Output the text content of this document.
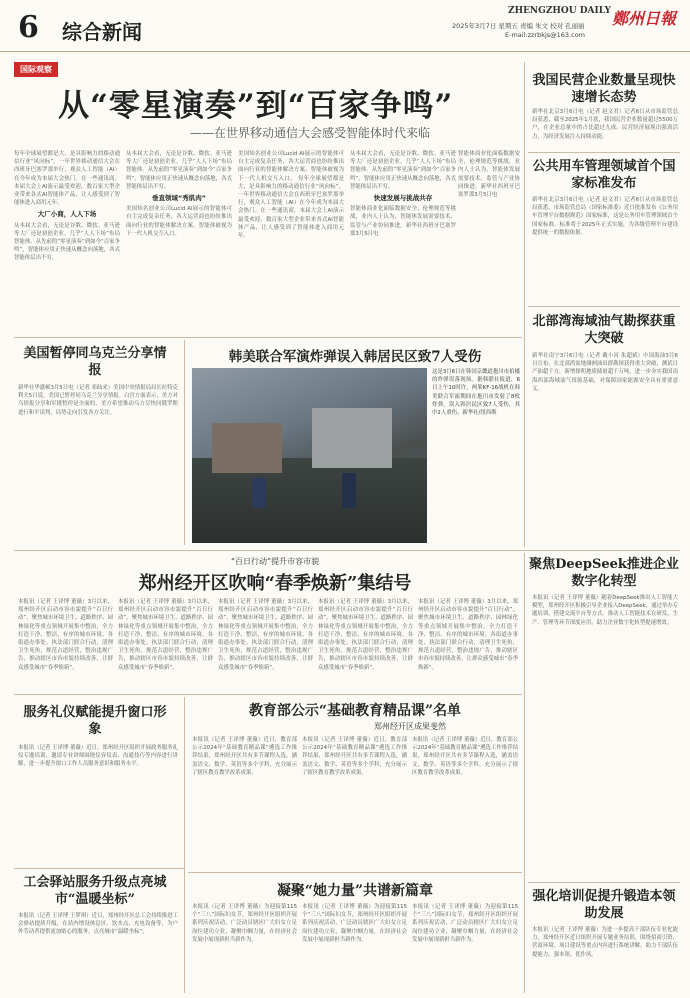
6 综合新闻
ZHENGZHOU DAILY 鄭州日報
2025年3月7日 星期五 责编 朱文 校对 孔丽丽
E-mail:zzrbkjs@163.com
国际观察
从“零星演奏”到“百家争鸣”
——在世界移动通信大会感受智能体时代来临
每年全球展望都是大，是具影响力的移动通信行业“风向标”。一年世界移动通信大会在西班牙巴塞罗那举行，观众人工智能（AI）在今年成为本届大会热门。在一些通讯商，本届大会上AI演示最受欢迎，数百家大型企业带来各式AI智能体产品，让人感受到了智能体进入商用元年。
大厂小商，人人下场
从本届大会看，无论是谷歌、微软、亚马逊等大厂还是初创企业，几乎“人人下场”布局智能体。从先前的“零星演奏”到如今“百家争鸣”，智能体应用正快速从概念向落地，各式智能体层出不穷。
从本届大会看，无论是谷歌、微软、亚马逊等大厂还是初创企业，几乎“人人下场”布局智能体。从先前的“零星演奏”到如今“百家争鸣”，智能体应用正快速从概念向落地，各式智能体层出不穷。
垂直领域“秀肌肉”
美国知名创业公司Lucid AI展示的智能体可自主完成复杂任务，各大运营商也纷纷推出面向行业的智能体解决方案，智能体被视为下一代人机交互入口。
美国知名创业公司Lucid AI展示的智能体可自主完成复杂任务，各大运营商也纷纷推出面向行业的智能体解决方案，智能体被视为下一代人机交互入口。 每年全球展望都是大，是具影响力的移动通信行业“风向标”。一年世界移动通信大会在西班牙巴塞罗那举行，观众人工智能（AI）在今年成为本届大会热门。在一些通讯商，本届大会上AI演示最受欢迎，数百家大型企业带来各式AI智能体产品，让人感受到了智能体进入商用元年。
从本届大会看，无论是谷歌、微软、亚马逊等大厂还是初创企业，几乎“人人下场”布局智能体。从先前的“零星演奏”到如今“百家争鸣”，智能体应用正快速从概念向落地，各式智能体层出不穷。
快速发展与挑战共存
智能体商业化面临数据安全、伦理规范等挑战，业内人士认为，智能体发展需要技术、监管与产业协同推进。新华社西班牙巴塞罗那3月5日电
智能体商业化面临数据安全、伦理规范等挑战，业内人士认为，智能体发展需要技术、监管与产业协同推进。新华社西班牙巴塞罗那3月5日电
我国民营企业数量呈现快速增长态势
新华社北京3月6日电（记者 赵文君）记者6日从市场监管总局获悉，截至2025年1月底，我国民营企业数量超过5500万户，在企业总量中的占比超过九成。民营经济展现出强劲活力，为经济发展注入持续动能。
公共用车管理领域首个国家标准发布
新华社北京3月6日电（记者 赵文君）记者6日从市场监管总局获悉，市场监管总局（国家标准委）近日批准发布《公务用车管理平台数据规范》国家标准，这是公务用车管理领域首个国家标准。标准将于2025年正式实施，为各级管理平台建设提供统一的数据依据。
北部湾海域油气勘探获重大突破
新华社南宁3月6日电（记者 戴小河 朱超斌）中国海油3月6日宣布，在北部湾盆地涠洲油田群勘探获得重大突破，测试日产油超千方，新增探明地质储量超千万吨，进一步夯实我国南海西部海域油气资源基础，对保障国家能源安全具有重要意义。
美国暂停同乌克兰分享情报
新华社华盛顿3月5日电（记者 邓仙来）美国中央情报局局长拉特克利夫5日说，美国已暂停同乌克兰分享情报。白宫方面表示，美方对乌情报分享和军援暂停是全面的，美方希望推动乌方尽快同俄罗斯进行和平谈判，局势走向引发各方关注。
韩美联合军演炸弹误入韩居民区致7人受伤
这是3月6日在韩国京畿道抱川市拍摄的炸弹误落现场。据韩联社报道，6日上午10时许，两架KF-16战机在韩美联合军演期间在抱川市发射了8枚炸弹，误入韩居民区致7人受伤，其中2人重伤。新华社/纽西斯
“百日行动”提升市容市貌
郑州经开区吹响“春季焕新”集结号
本报讯（记者 王译博 董薇）3月以来，郑州经开区启动市容市貌提升“百日行动”，聚焦城市环境卫生、道路秩序、园林绿化等重点领域开展集中整治，全力打造干净、整洁、有序的城市环境。各街道办事处、执法部门联合行动，清理卫生死角，规范占道经营，整治违规广告，推动辖区市容市貌持续改善，让群众感受城市“春季焕新”。
本报讯（记者 王译博 董薇）3月以来，郑州经开区启动市容市貌提升“百日行动”，聚焦城市环境卫生、道路秩序、园林绿化等重点领域开展集中整治，全力打造干净、整洁、有序的城市环境。各街道办事处、执法部门联合行动，清理卫生死角，规范占道经营，整治违规广告，推动辖区市容市貌持续改善，让群众感受城市“春季焕新”。
本报讯（记者 王译博 董薇）3月以来，郑州经开区启动市容市貌提升“百日行动”，聚焦城市环境卫生、道路秩序、园林绿化等重点领域开展集中整治，全力打造干净、整洁、有序的城市环境。各街道办事处、执法部门联合行动，清理卫生死角，规范占道经营，整治违规广告，推动辖区市容市貌持续改善，让群众感受城市“春季焕新”。
本报讯（记者 王译博 董薇）3月以来，郑州经开区启动市容市貌提升“百日行动”，聚焦城市环境卫生、道路秩序、园林绿化等重点领域开展集中整治，全力打造干净、整洁、有序的城市环境。各街道办事处、执法部门联合行动，清理卫生死角，规范占道经营，整治违规广告，推动辖区市容市貌持续改善，让群众感受城市“春季焕新”。
本报讯（记者 王译博 董薇）3月以来，郑州经开区启动市容市貌提升“百日行动”，聚焦城市环境卫生、道路秩序、园林绿化等重点领域开展集中整治，全力打造干净、整洁、有序的城市环境。各街道办事处、执法部门联合行动，清理卫生死角，规范占道经营，整治违规广告，推动辖区市容市貌持续改善，让群众感受城市“春季焕新”。
聚焦DeepSeek推进企业数字化转型
本报讯（记者 王译博 董薇）随着DeepSeek推出人工智能大模型，郑州经开区积极引导企业接入DeepSeek，通过举办专题培训、搭建交流平台等方式，推动人工智能技术在研发、生产、管理等环节深度应用，助力企业数字化转型提速增效。
强化培训促提升锻造本领助发展
本报讯（记者 王译博 董薇）为进一步提高干部队伍专业化能力，郑州经开区近日组织开展专题业务培训，围绕招商引资、营商环境、项目建设等重点内容进行系统讲解，助力干部队伍提能力、强本领、优作风。
服务礼仪赋能提升窗口形象
本报讯（记者 王译博 董薇）近日，郑州经开区组织开展政务服务礼仪专题培训，邀请专业讲师围绕仪容仪表、沟通技巧等内容进行讲解，进一步提升窗口工作人员服务意识和服务水平。
工会驿站服务升级点亮城市“温暖坐标”
本报讯（记者 王译博 王梦琪）近日，郑州经开区总工会持续推进工会驿站提质升级，在站内增设休息区、饮水点、充电设备等，为户外劳动者提供更加贴心的服务，点亮城市“温暖坐标”。
教育部公示“基础教育精品课”名单
郑州经开区成果斐然
本报讯（记者 王译博 董薇）近日，教育部公示2024年“基础教育精品课”遴选工作推荐结果，郑州经开区共有多节课程入选，涵盖语文、数学、英语等多个学科，充分展示了辖区教育教学改革成果。
本报讯（记者 王译博 董薇）近日，教育部公示2024年“基础教育精品课”遴选工作推荐结果，郑州经开区共有多节课程入选，涵盖语文、数学、英语等多个学科，充分展示了辖区教育教学改革成果。
本报讯（记者 王译博 董薇）近日，教育部公示2024年“基础教育精品课”遴选工作推荐结果，郑州经开区共有多节课程入选，涵盖语文、数学、英语等多个学科，充分展示了辖区教育教学改革成果。
凝聚“她力量”共谱新篇章
本报讯（记者 王译博 董薇）为迎接第115个“三八”国际妇女节，郑州经开区组织开展系列庆祝活动，广泛动员辖区广大妇女立足岗位建功立业，凝聚巾帼力量，在经济社会发展中展现新担当新作为。
本报讯（记者 王译博 董薇）为迎接第115个“三八”国际妇女节，郑州经开区组织开展系列庆祝活动，广泛动员辖区广大妇女立足岗位建功立业，凝聚巾帼力量，在经济社会发展中展现新担当新作为。
本报讯（记者 王译博 董薇）为迎接第115个“三八”国际妇女节，郑州经开区组织开展系列庆祝活动，广泛动员辖区广大妇女立足岗位建功立业，凝聚巾帼力量，在经济社会发展中展现新担当新作为。
